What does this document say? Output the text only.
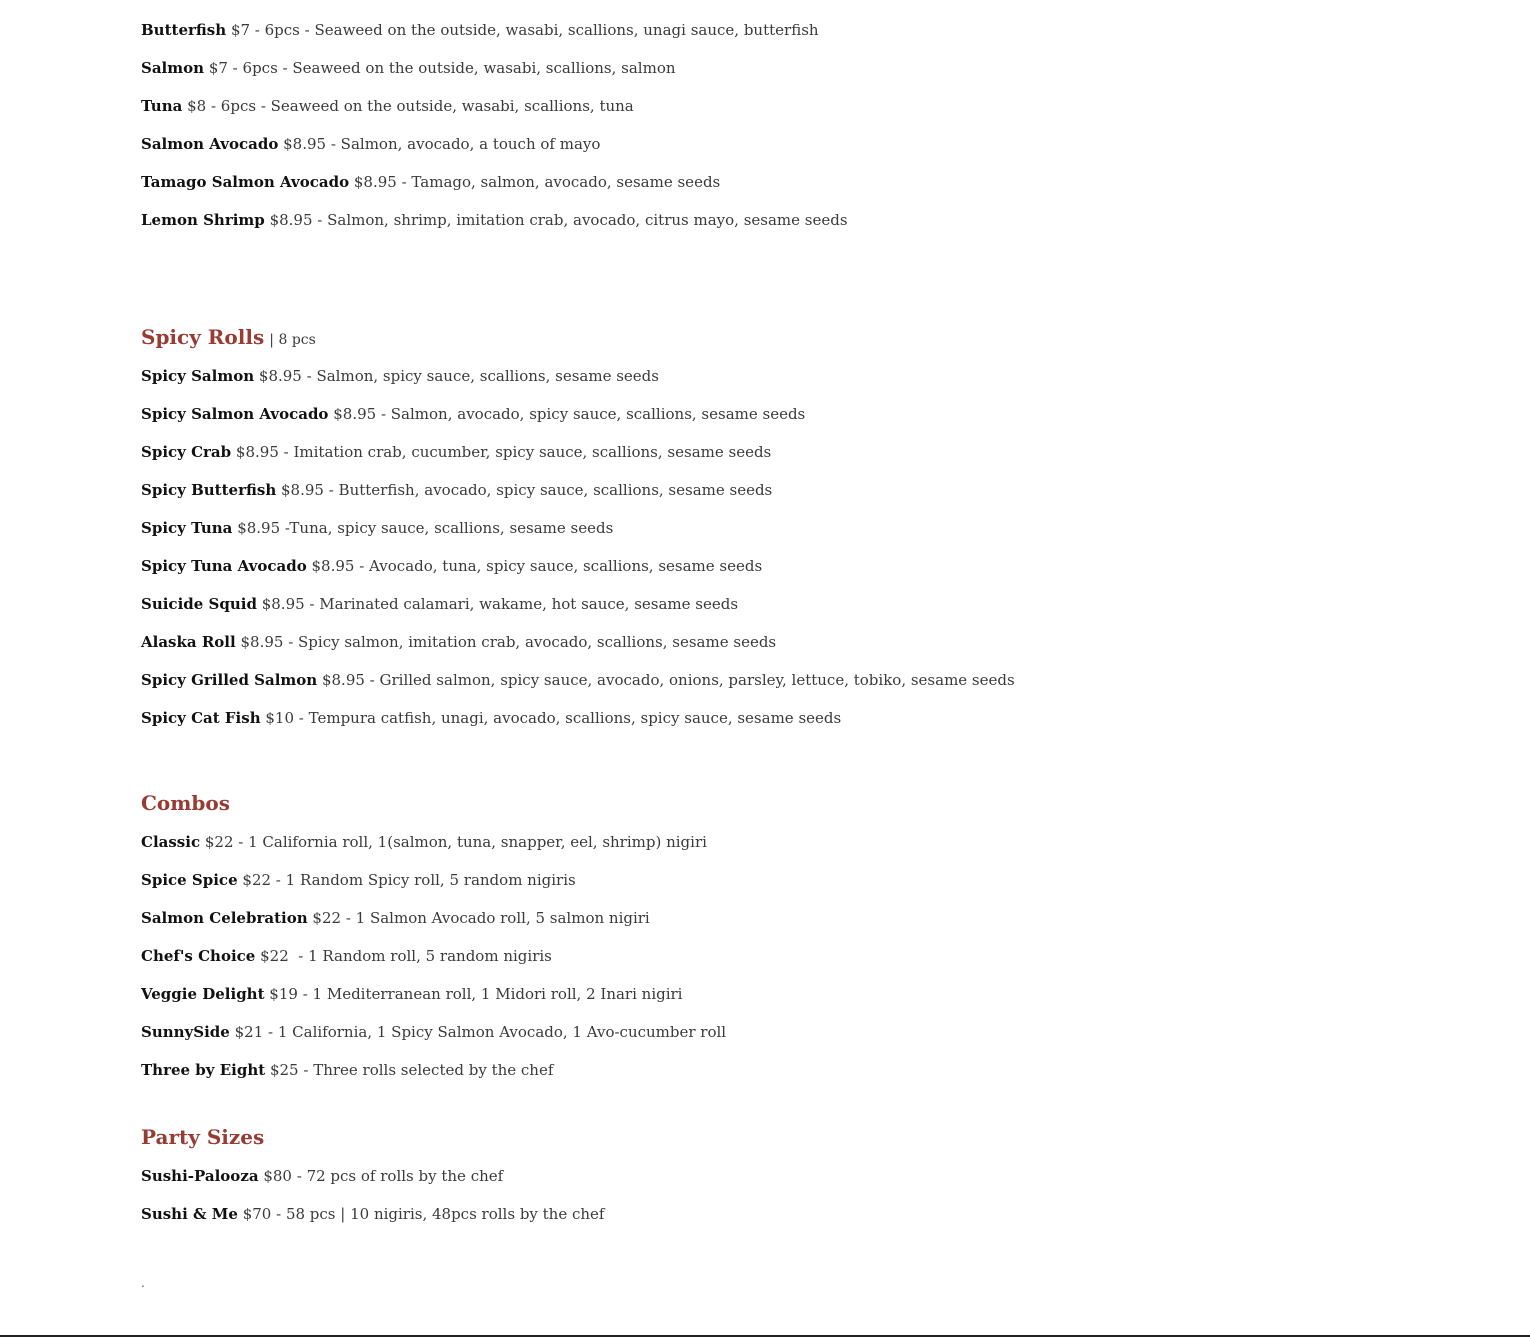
Butterfish $7 - 6pcs - Seaweed on the outside, wasabi, scallions, unagi sauce, butterfish
Salmon $7 - 6pcs - Seaweed on the outside, wasabi, scallions, salmon
Tuna $8 - 6pcs - Seaweed on the outside, wasabi, scallions, tuna
Salmon Avocado $8.95 - Salmon, avocado, a touch of mayo
Tamago Salmon Avocado $8.95 - Tamago, salmon, avocado, sesame seeds
Lemon Shrimp $8.95 - Salmon, shrimp, imitation crab, avocado, citrus mayo, sesame seeds
Spicy Rolls | 8 pcs
Spicy Salmon $8.95 - Salmon, spicy sauce, scallions, sesame seeds
Spicy Salmon Avocado $8.95 - Salmon, avocado, spicy sauce, scallions, sesame seeds
Spicy Crab $8.95 - Imitation crab, cucumber, spicy sauce, scallions, sesame seeds
Spicy Butterfish $8.95 - Butterfish, avocado, spicy sauce, scallions, sesame seeds
Spicy Tuna $8.95 -Tuna, spicy sauce, scallions, sesame seeds
Spicy Tuna Avocado $8.95 - Avocado, tuna, spicy sauce, scallions, sesame seeds
Suicide Squid $8.95 - Marinated calamari, wakame, hot sauce, sesame seeds
Alaska Roll $8.95 - Spicy salmon, imitation crab, avocado, scallions, sesame seeds
Spicy Grilled Salmon $8.95 - Grilled salmon, spicy sauce, avocado, onions, parsley, lettuce, tobiko, sesame seeds
Spicy Cat Fish $10 - Tempura catfish, unagi, avocado, scallions, spicy sauce, sesame seeds
Combos
Classic $22 - 1 California roll, 1(salmon, tuna, snapper, eel, shrimp) nigiri
Spice Spice $22 - 1 Random Spicy roll, 5 random nigiris
Salmon Celebration $22 - 1 Salmon Avocado roll, 5 salmon nigiri
Chef's Choice $22  - 1 Random roll, 5 random nigiris
Veggie Delight $19 - 1 Mediterranean roll, 1 Midori roll, 2 Inari nigiri
SunnySide $21 - 1 California, 1 Spicy Salmon Avocado, 1 Avo-cucumber roll
Three by Eight $25 - Three rolls selected by the chef
Party Sizes
Sushi-Palooza $80 - 72 pcs of rolls by the chef
Sushi & Me $70 - 58 pcs | 10 nigiris, 48pcs rolls by the chef
.
